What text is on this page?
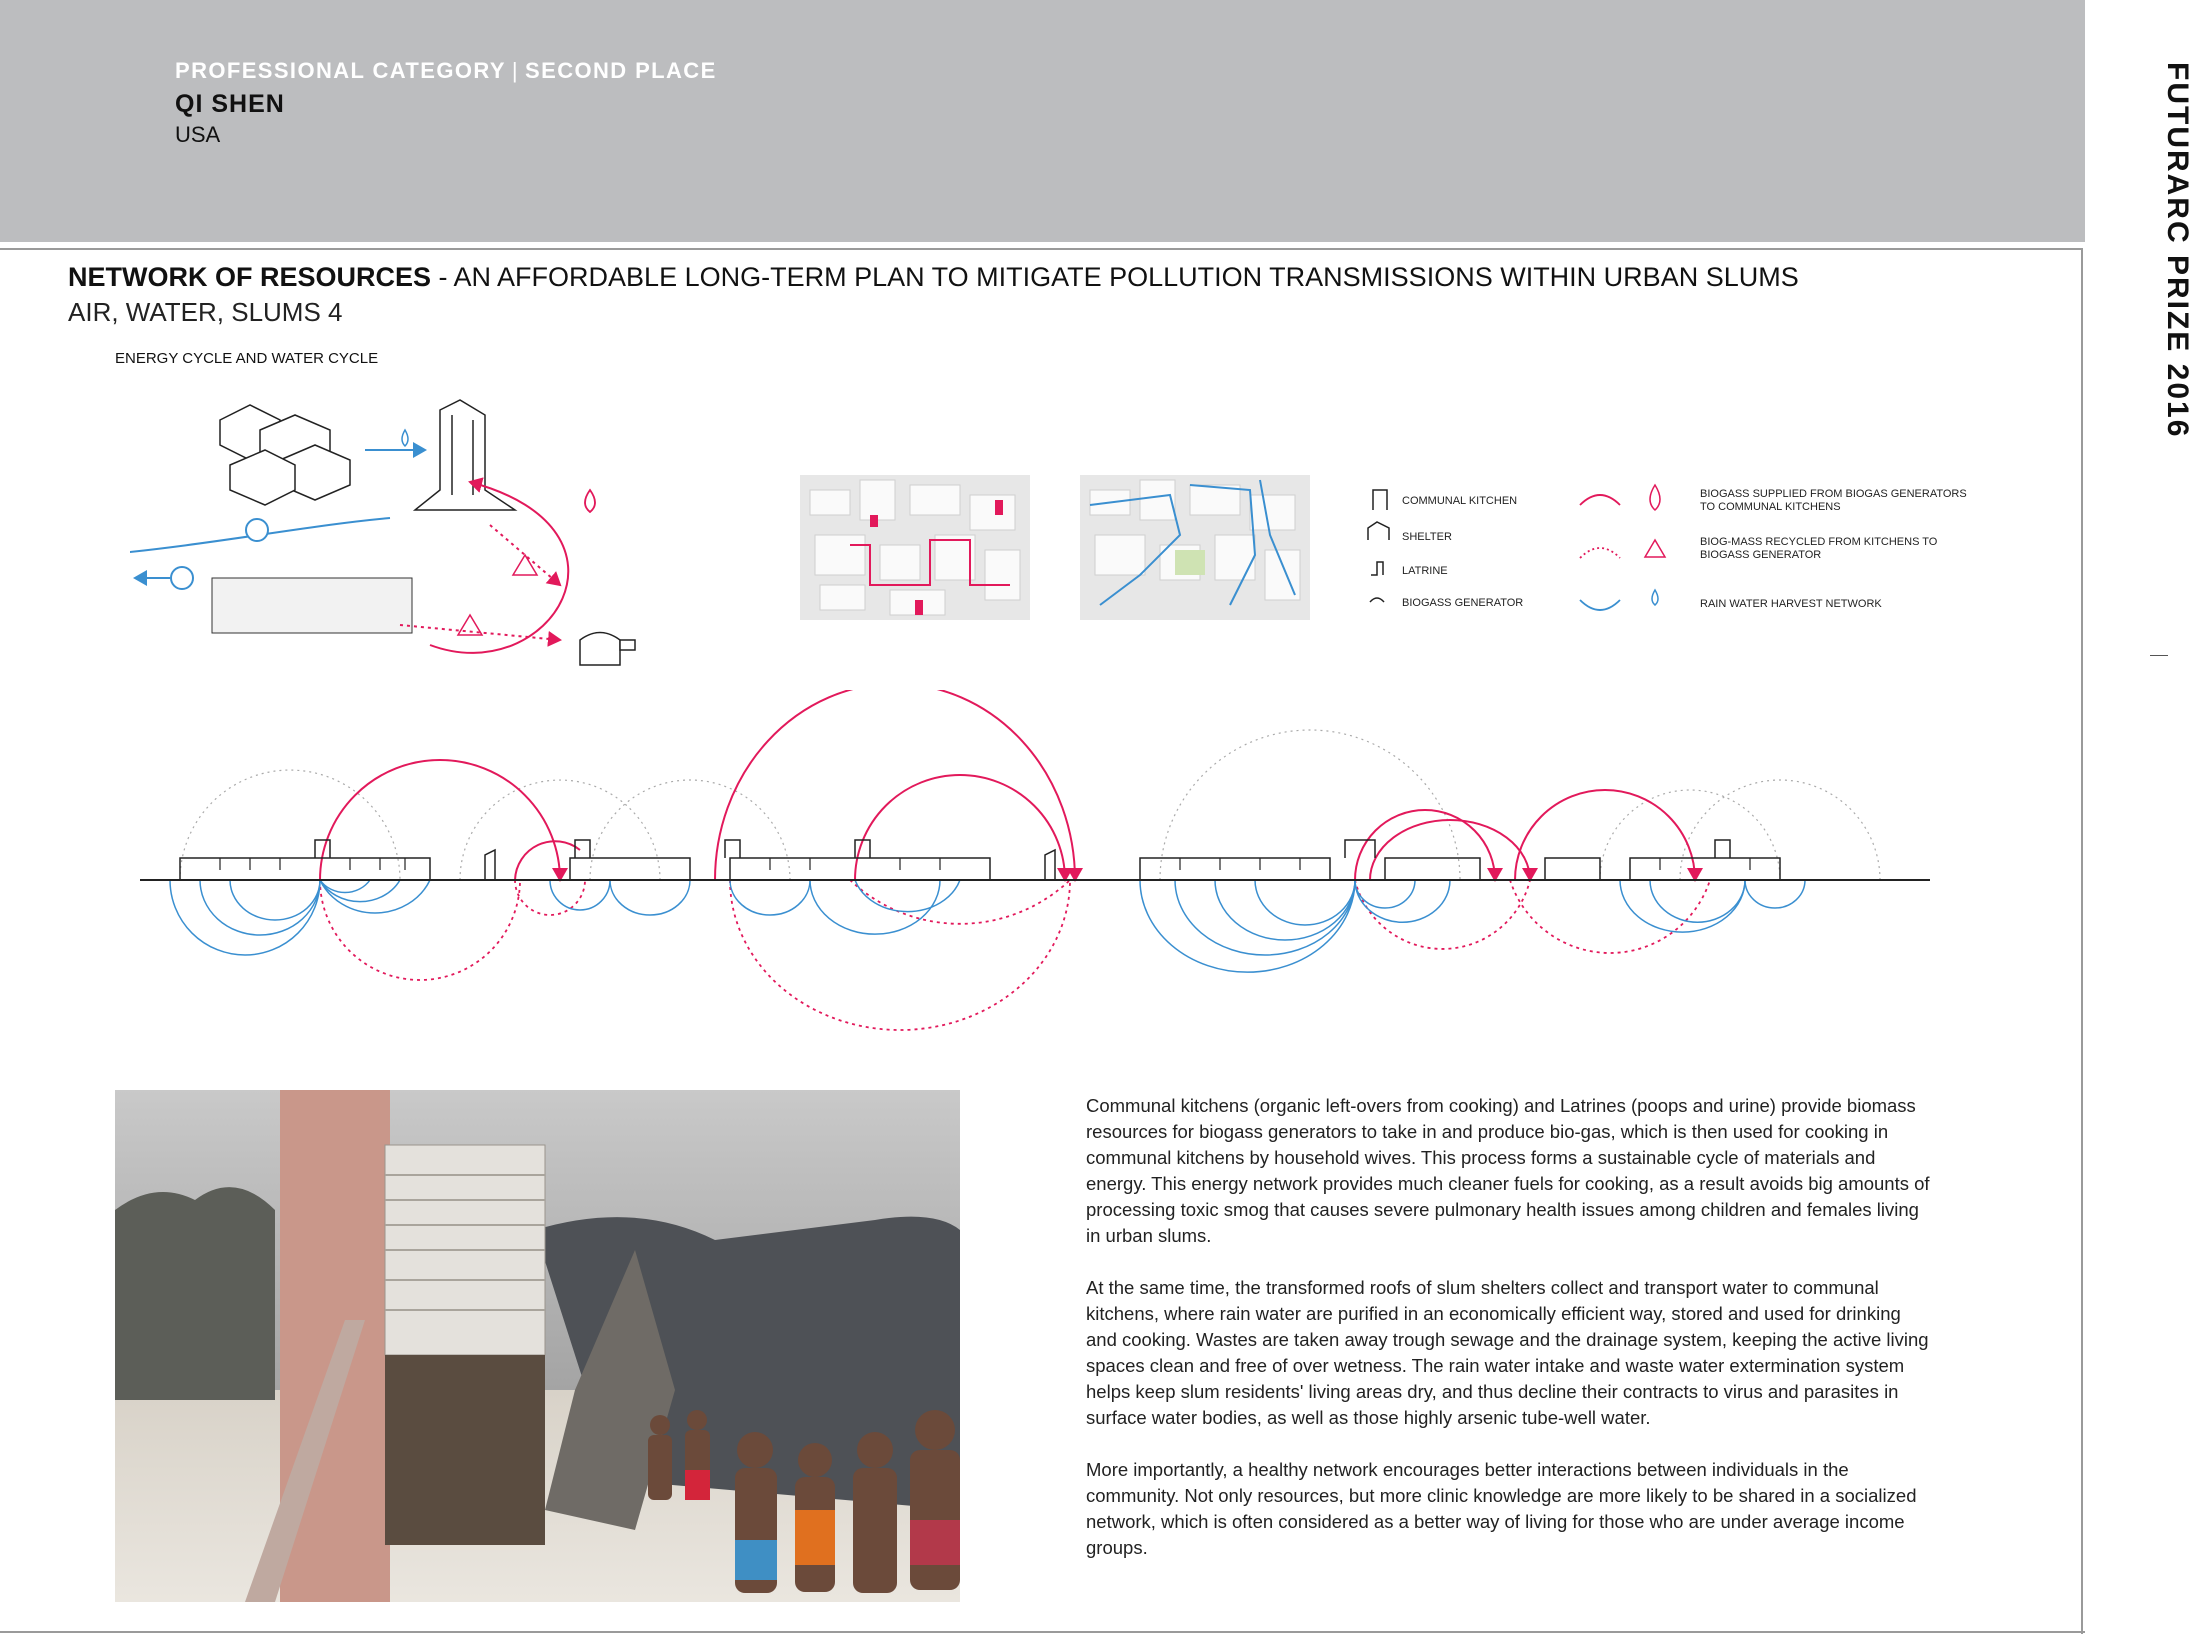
PROFESSIONAL CATEGORY | SECOND PLACE
QI SHEN
USA	FUTURARC PRIZE 2016
NETWORK OF RESOURCES - AN AFFORDABLE LONG-TERM PLAN TO MITIGATE POLLUTION TRANSMISSIONS WITHIN URBAN SLUMS
AIR, WATER, SLUMS 4
ENERGY CYCLE AND WATER CYCLE
COMMUNAL KITCHEN
SHELTER
LATRINE
BIOGASS GENERATOR
BIOGASS SUPPLIED FROM BIOGAS GENERATORS
TO COMMUNAL KITCHENS
BIOG-MASS RECYCLED FROM KITCHENS TO
BIOGASS GENERATOR
RAIN WATER HARVEST NETWORK

Communal kitchens (organic left-overs from cooking) and Latrines (poops and urine) provide biomass resources for biogass generators to take in and produce bio-gas, which is then used for cooking in communal kitchens by household wives. This process forms a sustainable cycle of materials and energy. This energy network provides much cleaner fuels for cooking, as a result avoids big amounts of processing toxic smog that causes severe pulmonary health issues among children and females living in urban slums.

At the same time, the transformed roofs of slum shelters collect and transport water to communal kitchens, where rain water are purified in an economically efficient way, stored and used for drinking and cooking. Wastes are taken away trough sewage and the drainage system, keeping the active living spaces clean and free of over wetness. The rain water intake and waste water extermination system helps keep slum residents' living areas dry, and thus decline their contracts to virus and parasites in surface water bodies, as well as those highly arsenic tube-well water.

More importantly, a healthy network encourages better interactions between individuals in the community. Not only resources, but more clinic knowledge are more likely to be shared in a socialized network, which is often considered as a better way of living for those who are under average income groups.
